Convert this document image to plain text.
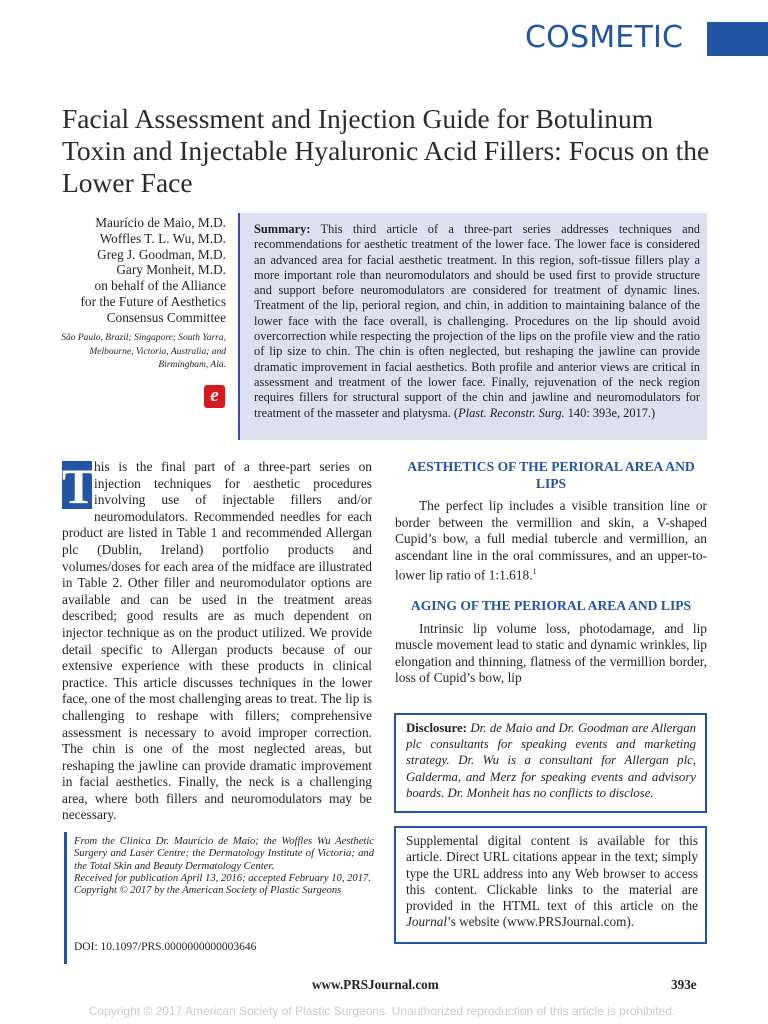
COSMETIC
Facial Assessment and Injection Guide for Botulinum Toxin and Injectable Hyaluronic Acid Fillers: Focus on the Lower Face
Maurício de Maio, M.D.
Woffles T. L. Wu, M.D.
Greg J. Goodman, M.D.
Gary Monheit, M.D.
on behalf of the Alliance
for the Future of Aesthetics
Consensus Committee
São Paulo, Brazil; Singapore; South Yarra, Melbourne, Victoria, Australia; and Birmingham, Ala.
e
Summary: This third article of a three-part series addresses techniques and recommendations for aesthetic treatment of the lower face. The lower face is considered an advanced area for facial aesthetic treatment. In this region, soft-tissue fillers play a more important role than neuromodulators and should be used first to provide structure and support before neuromodulators are considered for treatment of dynamic lines. Treatment of the lip, perioral region, and chin, in addition to maintaining balance of the lower face with the face overall, is challenging. Procedures on the lip should avoid overcorrection while respecting the projection of the lips on the profile view and the ratio of lip size to chin. The chin is often neglected, but reshaping the jawline can provide dramatic improvement in facial aesthetics. Both profile and anterior views are critical in assessment and treatment of the lower face. Finally, rejuvenation of the neck region requires fillers for structural support of the chin and jawline and neuromodulators for treatment of the masseter and platysma. (Plast. Reconstr. Surg. 140: 393e, 2017.)
T
his is the final part of a three-part series on injection techniques for aesthetic procedures involving use of injectable fillers and/or neuromodulators. Recommended needles for each product are listed in Table 1 and recommended Allergan plc (Dublin, Ireland) portfolio products and volumes/doses for each area of the midface are illustrated in Table 2. Other filler and neuromodulator options are available and can be used in the treatment areas described; good results are as much dependent on injector technique as on the product utilized. We provide detail specific to Allergan products because of our extensive experience with these products in clinical practice. This article discusses techniques in the lower face, one of the most challenging areas to treat. The lip is challenging to reshape with fillers; comprehensive assessment is necessary to avoid improper correction. The chin is one of the most neglected areas, but reshaping the jawline can provide dramatic improvement in facial aesthetics. Finally, the neck is a challenging area, where both fillers and neuromodulators may be necessary.
AESTHETICS OF THE PERIORAL AREA AND LIPS

The perfect lip includes a visible transition line or border between the vermillion and skin, a V-shaped Cupid’s bow, a full medial tubercle and vermillion, an ascendant line in the oral commissures, and an upper-to-lower lip ratio of 1:1.618.$^1$

AGING OF THE PERIORAL AREA AND LIPS

Intrinsic lip volume loss, photodamage, and lip muscle movement lead to static and dynamic wrinkles, lip elongation and thinning, flatness of the vermillion border, loss of Cupid’s bow, lip

Disclosure: Dr. de Maio and Dr. Goodman are Allergan plc consultants for speaking events and marketing strategy. Dr. Wu is a consultant for Allergan plc, Galderma, and Merz for speaking events and advisory boards. Dr. Monheit has no conflicts to disclose.
Supplemental digital content is available for this article. Direct URL citations appear in the text; simply type the URL address into any Web browser to access this content. Clickable links to the material are provided in the HTML text of this article on the Journal’s website (www.PRSJournal.com).
From the Clinica Dr. Maurício de Maio; the Woffles Wu Aesthetic Surgery and Laser Centre; the Dermatology Institute of Victoria; and the Total Skin and Beauty Dermatology Center.
Received for publication April 13, 2016; accepted February 10, 2017.
Copyright © 2017 by the American Society of Plastic Surgeons
DOI: 10.1097/PRS.0000000000003646
www.PRSJournal.com	393e
Copyright © 2017 American Society of Plastic Surgeons. Unauthorized reproduction of this article is prohibited.
